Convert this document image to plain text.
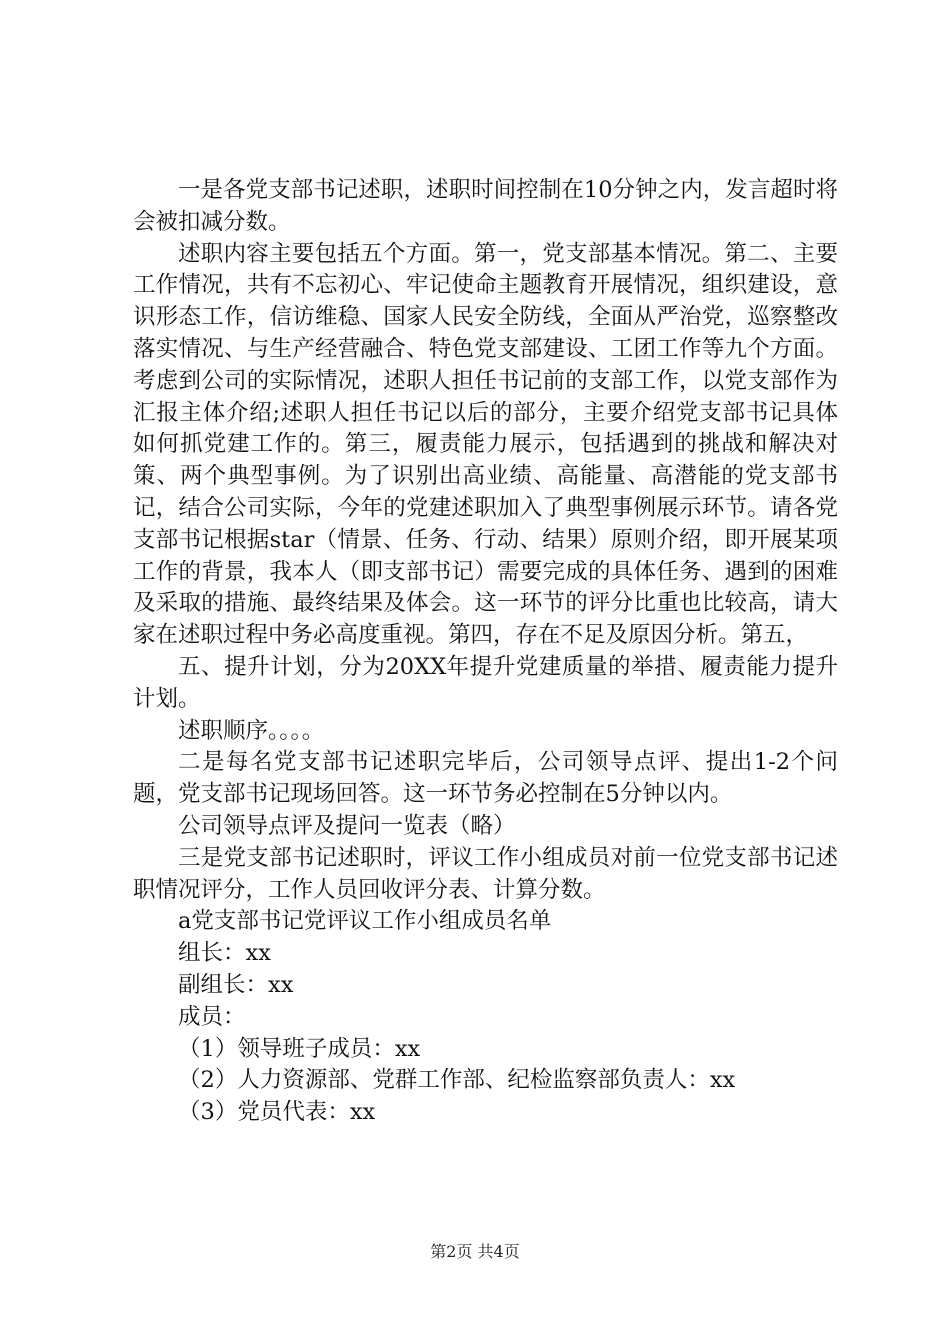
一是各党支部书记述职，述职时间控制在10分钟之内，发言超时将会被扣减分数。

述职内容主要包括五个方面。第一，党支部基本情况。第二、主要工作情况，共有不忘初心、牢记使命主题教育开展情况，组织建设，意识形态工作，信访维稳、国家人民安全防线，全面从严治党，巡察整改落实情况、与生产经营融合、特色党支部建设、工团工作等九个方面。考虑到公司的实际情况，述职人担任书记前的支部工作，以党支部作为汇报主体介绍;述职人担任书记以后的部分，主要介绍党支部书记具体如何抓党建工作的。第三，履责能力展示，包括遇到的挑战和解决对策、两个典型事例。为了识别出高业绩、高能量、高潜能的党支部书记，结合公司实际，今年的党建述职加入了典型事例展示环节。请各党支部书记根据star（情景、任务、行动、结果）原则介绍，即开展某项工作的背景，我本人（即支部书记）需要完成的具体任务、遇到的困难及采取的措施、最终结果及体会。这一环节的评分比重也比较高，请大家在述职过程中务必高度重视。第四，存在不足及原因分析。第五，

五、提升计划，分为20XX年提升党建质量的举措、履责能力提升计划。

述职顺序。。。。

二是每名党支部书记述职完毕后，公司领导点评、提出1-2个问题，党支部书记现场回答。这一环节务必控制在5分钟以内。

公司领导点评及提问一览表（略）

三是党支部书记述职时，评议工作小组成员对前一位党支部书记述职情况评分，工作人员回收评分表、计算分数。

a党支部书记党评议工作小组成员名单

组长：xx

副组长：xx

成员：

（1）领导班子成员：xx

（2）人力资源部、党群工作部、纪检监察部负责人：xx

（3）党员代表：xx

第2页 共4页
